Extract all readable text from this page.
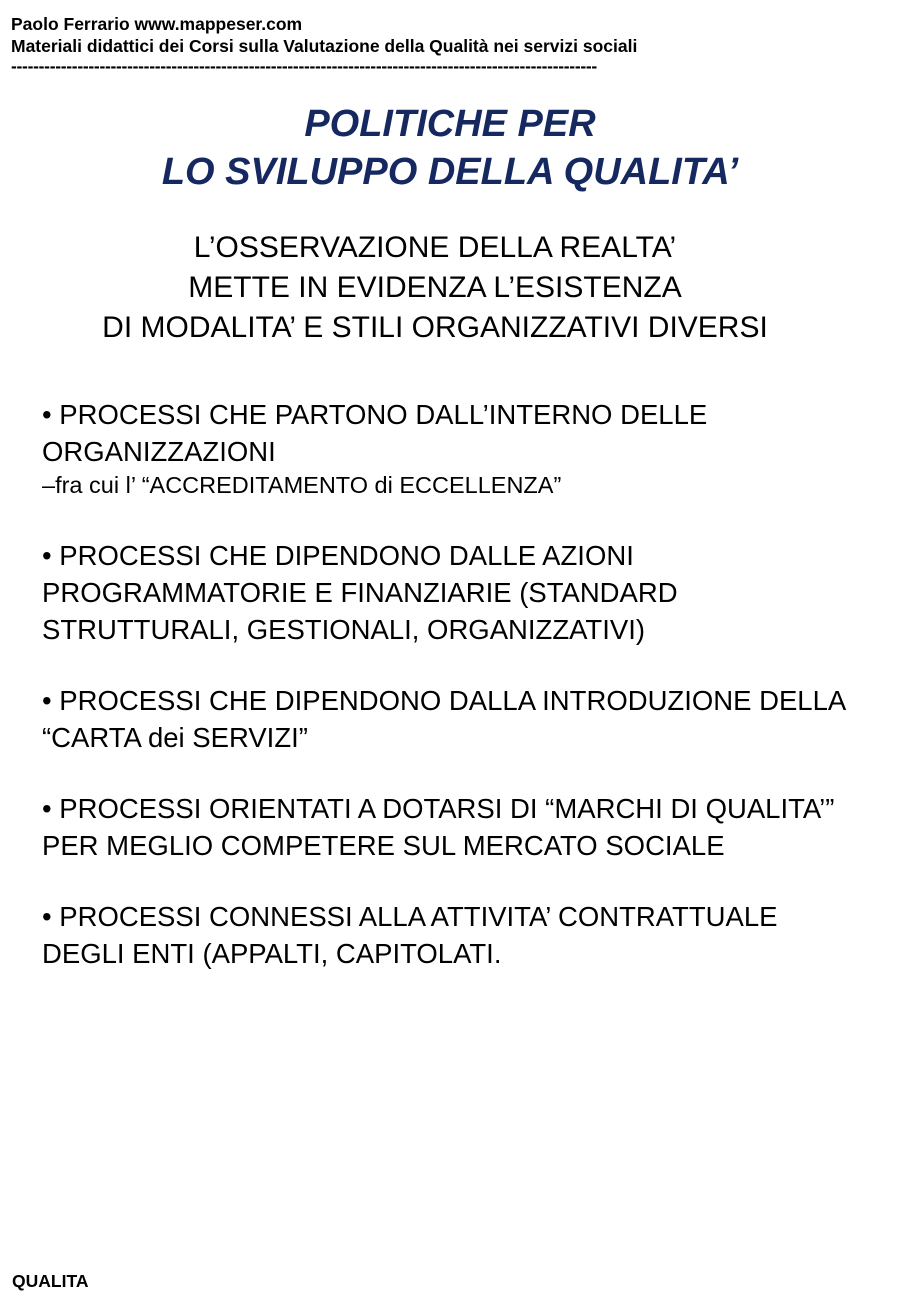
Paolo Ferrario www.mappeser.com
Materiali didattici dei Corsi sulla Valutazione della Qualità nei servizi sociali
----------------------------------------------------------------------------------------------------------
POLITICHE PER
LO SVILUPPO DELLA QUALITA’
L’OSSERVAZIONE DELLA REALTA’
METTE IN EVIDENZA L’ESISTENZA
DI MODALITA’ E STILI ORGANIZZATIVI DIVERSI

• PROCESSI CHE PARTONO DALL’INTERNO DELLE ORGANIZZAZIONI
–fra cui l’ “ACCREDITAMENTO di ECCELLENZA”

• PROCESSI CHE DIPENDONO DALLE AZIONI PROGRAMMATORIE E FINANZIARIE (STANDARD STRUTTURALI, GESTIONALI, ORGANIZZATIVI)

• PROCESSI CHE DIPENDONO DALLA INTRODUZIONE DELLA “CARTA dei SERVIZI”

• PROCESSI ORIENTATI A DOTARSI DI “MARCHI DI QUALITA’” PER MEGLIO COMPETERE SUL MERCATO SOCIALE

• PROCESSI CONNESSI ALLA ATTIVITA’ CONTRATTUALE DEGLI ENTI (APPALTI, CAPITOLATI.

QUALITA
